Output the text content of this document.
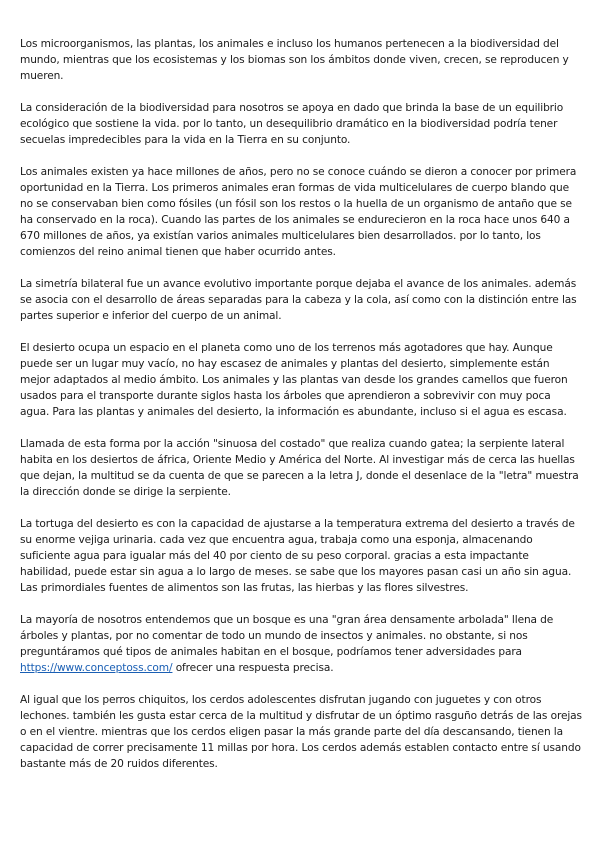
Los microorganismos, las plantas, los animales e incluso los humanos pertenecen a la biodiversidad del mundo, mientras que los ecosistemas y los biomas son los ámbitos donde viven, crecen, se reproducen y mueren.

La consideración de la biodiversidad para nosotros se apoya en dado que brinda la base de un equilibrio ecológico que sostiene la vida. por lo tanto, un desequilibrio dramático en la biodiversidad podría tener secuelas impredecibles para la vida en la Tierra en su conjunto.

Los animales existen ya hace millones de años, pero no se conoce cuándo se dieron a conocer por primera oportunidad en la Tierra. Los primeros animales eran formas de vida multicelulares de cuerpo blando que no se conservaban bien como fósiles (un fósil son los restos o la huella de un organismo de antaño que se ha conservado en la roca). Cuando las partes de los animales se endurecieron en la roca hace unos 640 a 670 millones de años, ya existían varios animales multicelulares bien desarrollados. por lo tanto, los comienzos del reino animal tienen que haber ocurrido antes.

La simetría bilateral fue un avance evolutivo importante porque dejaba el avance de los animales. además se asocia con el desarrollo de áreas separadas para la cabeza y la cola, así como con la distinción entre las partes superior e inferior del cuerpo de un animal.

El desierto ocupa un espacio en el planeta como uno de los terrenos más agotadores que hay. Aunque puede ser un lugar muy vacío, no hay escasez de animales y plantas del desierto, simplemente están mejor adaptados al medio ámbito. Los animales y las plantas van desde los grandes camellos que fueron usados para el transporte durante siglos hasta los árboles que aprendieron a sobrevivir con muy poca agua. Para las plantas y animales del desierto, la información es abundante, incluso si el agua es escasa.

Llamada de esta forma por la acción "sinuosa del costado" que realiza cuando gatea; la serpiente lateral habita en los desiertos de áfrica, Oriente Medio y América del Norte. Al investigar más de cerca las huellas que dejan, la multitud se da cuenta de que se parecen a la letra J, donde el desenlace de la "letra" muestra la dirección donde se dirige la serpiente.

La tortuga del desierto es con la capacidad de ajustarse a la temperatura extrema del desierto a través de su enorme vejiga urinaria. cada vez que encuentra agua, trabaja como una esponja, almacenando suficiente agua para igualar más del 40 por ciento de su peso corporal. gracias a esta impactante habilidad, puede estar sin agua a lo largo de meses. se sabe que los mayores pasan casi un año sin agua. Las primordiales fuentes de alimentos son las frutas, las hierbas y las flores silvestres.

La mayoría de nosotros entendemos que un bosque es una "gran área densamente arbolada" llena de árboles y plantas, por no comentar de todo un mundo de insectos y animales. no obstante, si nos preguntáramos qué tipos de animales habitan en el bosque, podríamos tener adversidades para https://www.conceptoss.com/ ofrecer una respuesta precisa.

Al igual que los perros chiquitos, los cerdos adolescentes disfrutan jugando con juguetes y con otros lechones. también les gusta estar cerca de la multitud y disfrutar de un óptimo rasguño detrás de las orejas o en el vientre. mientras que los cerdos eligen pasar la más grande parte del día descansando, tienen la capacidad de correr precisamente 11 millas por hora. Los cerdos además establen contacto entre sí usando bastante más de 20 ruidos diferentes.
